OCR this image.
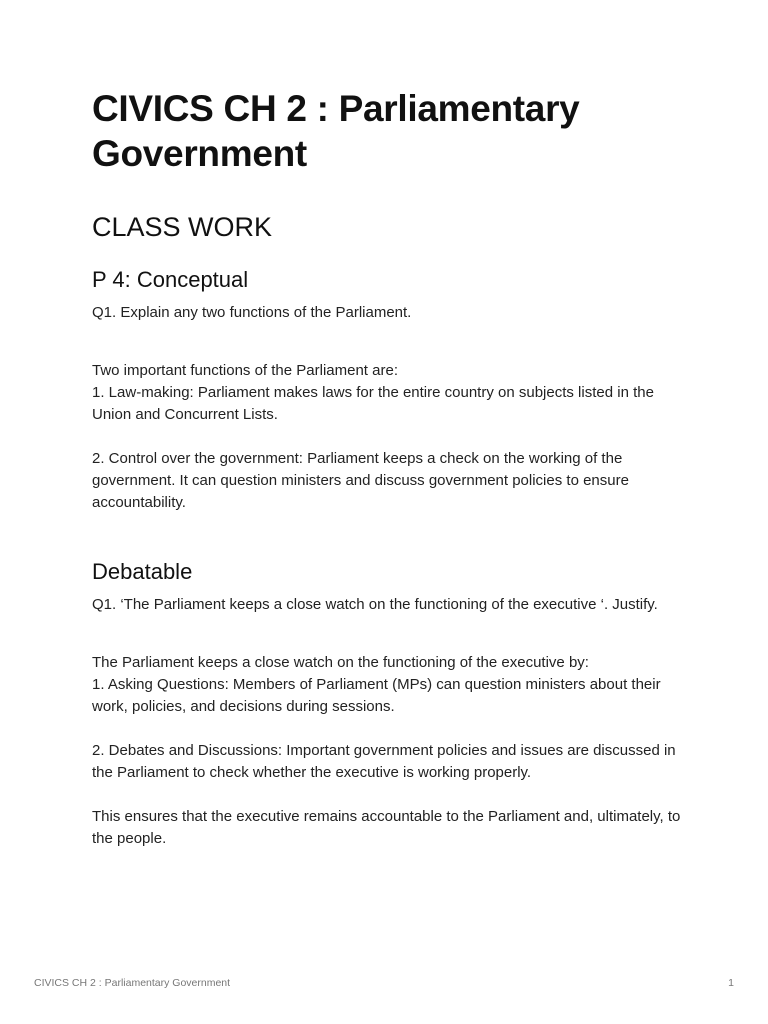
CIVICS CH 2 : Parliamentary Government
CLASS WORK
P 4: Conceptual

Q1. Explain any two functions of the Parliament.

Two important functions of the Parliament are:

1. Law-making: Parliament makes laws for the entire country on subjects listed in the Union and Concurrent Lists.

2. Control over the government: Parliament keeps a check on the working of the government. It can question ministers and discuss government policies to ensure accountability.

Debatable

Q1. ‘The Parliament keeps a close watch on the functioning of the executive ‘. Justify.

The Parliament keeps a close watch on the functioning of the executive by:

1. Asking Questions: Members of Parliament (MPs) can question ministers about their work, policies, and decisions during sessions.

2. Debates and Discussions: Important government policies and issues are discussed in the Parliament to check whether the executive is working properly.

This ensures that the executive remains accountable to the Parliament and, ultimately, to the people.

CIVICS CH 2 : Parliamentary Government	1
